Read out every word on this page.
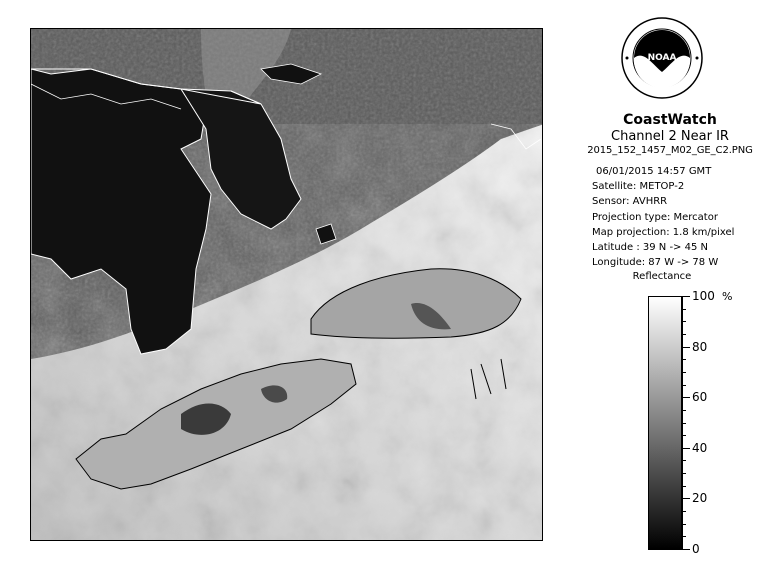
NOAA
CoastWatch
Channel 2 Near IR
2015_152_1457_M02_GE_C2.PNG
06/01/2015 14:57 GMT
Satellite: METOP-2
Sensor: AVHRR
Projection type: Mercator
Map projection: 1.8 km/pixel
Latitude : 39 N -> 45 N
Longitude: 87 W -> 78 W
Reflectance
%
100
80
60
40
20
0
